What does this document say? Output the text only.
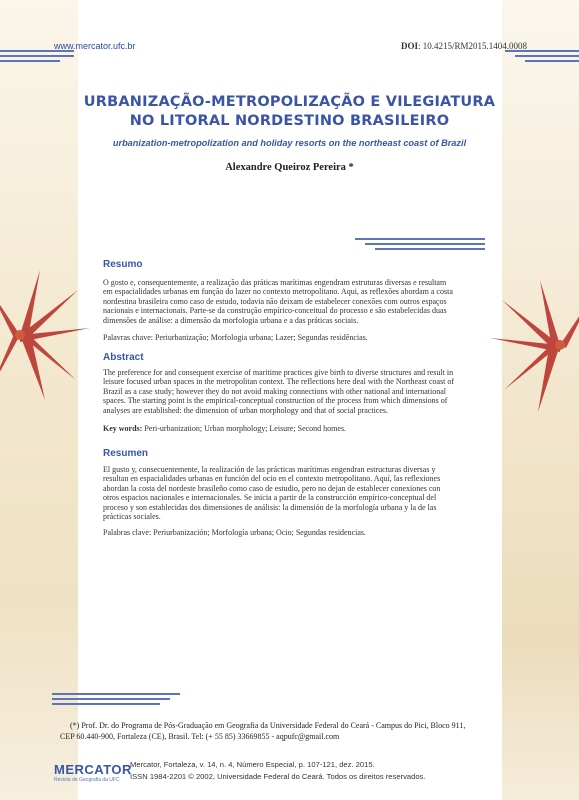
www.mercator.ufc.br	DOI: 10.4215/RM2015.1404.0008
URBANIZAÇÃO-METROPOLIZAÇÃO E VILEGIATURA
NO LITORAL NORDESTINO BRASILEIRO
urbanization-metropolization and holiday resorts on the northeast coast of Brazil
Alexandre Queiroz Pereira *
Resumo
O gosto e, consequentemente, a realização das práticas marítimas engendram estruturas diversas e resultam
em espacialidades urbanas em função do lazer no contexto metropolitano. Aqui, as reflexões abordam a costa
nordestina brasileira como caso de estudo, todavia não deixam de estabelecer conexões com outros espaços
nacionais e internacionais. Parte-se da construção empírico-conceitual do processo e são estabelecidas duas
dimensões de análise: a dimensão da morfologia urbana e a das práticas sociais.
Palavras chave: Periurbanização; Morfologia urbana; Lazer; Segundas residências.
Abstract
The preference for and consequent exercise of maritime practices give birth to diverse structures and result in
leisure focused urban spaces in the metropolitan context. The reflections here deal with the Northeast coast of
Brazil as a case study; however they do not avoid making connections with other national and international
spaces. The starting point is the empirical-conceptual construction of the process from which dimensions of
analyses are established: the dimension of urban morphology and that of social practices.
Key words: Peri-urbanization; Urban morphology; Leisure; Second homes.
Resumen
El gusto y, consecuentemente, la realización de las prácticas marítimas engendran estructuras diversas y
resultan en espacialidades urbanas en función del ocio en el contexto metropolitano. Aquí, las reflexiones
abordan la costa del nordeste brasileño como caso de estudio, pero no dejan de establecer conexiones con
otros espacios nacionales e internacionales. Se inicia a partir de la construcción empírico-conceptual del
proceso y son establecidas dos dimensiones de análisis: la dimensión de la morfología urbana y la de las
prácticas sociales.
Palabras clave: Periurbanización; Morfología urbana; Ocio; Segundas residencias.
(*) Prof. Dr. do Programa de Pós-Graduação em Geografia da Universidade Federal do Ceará - Campus do Pici, Bloco 911,
CEP 60.440-900, Fortaleza (CE), Brasil. Tel: (+ 55 85) 33669855 - aqpufc@gmail.com
MERCATOR
Revista de Geografia da UFC
Mercator, Fortaleza, v. 14, n. 4, Número Especial, p. 107-121, dez. 2015.
ISSN 1984-2201 © 2002, Universidade Federal do Ceará. Todos os direitos reservados.
